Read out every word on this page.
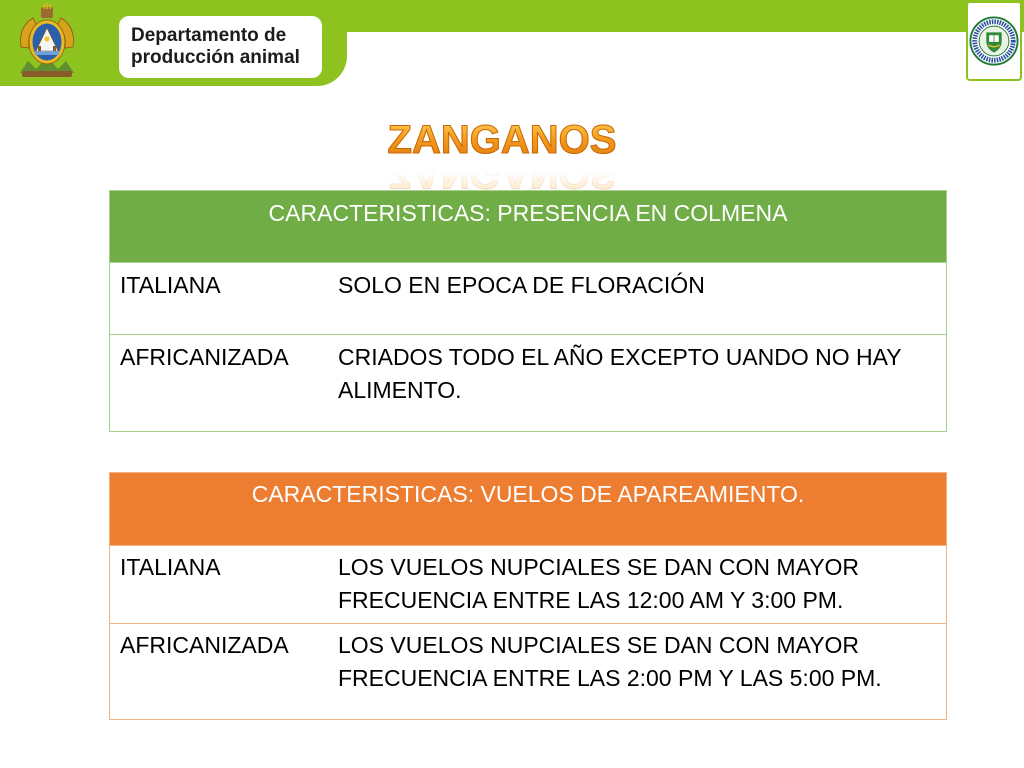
Departamento de producción animal
ZANGANOS
CARACTERISTICAS: PRESENCIA EN COLMENA
ITALIANA	SOLO EN EPOCA DE FLORACIÓN
AFRICANIZADA	CRIADOS TODO EL AÑO EXCEPTO UANDO NO HAY ALIMENTO.
CARACTERISTICAS: VUELOS DE APAREAMIENTO.
ITALIANA	LOS VUELOS NUPCIALES SE DAN CON MAYOR FRECUENCIA ENTRE LAS 12:00 AM Y 3:00 PM.
AFRICANIZADA	LOS VUELOS NUPCIALES SE DAN CON MAYOR FRECUENCIA ENTRE LAS 2:00 PM Y LAS 5:00 PM.
